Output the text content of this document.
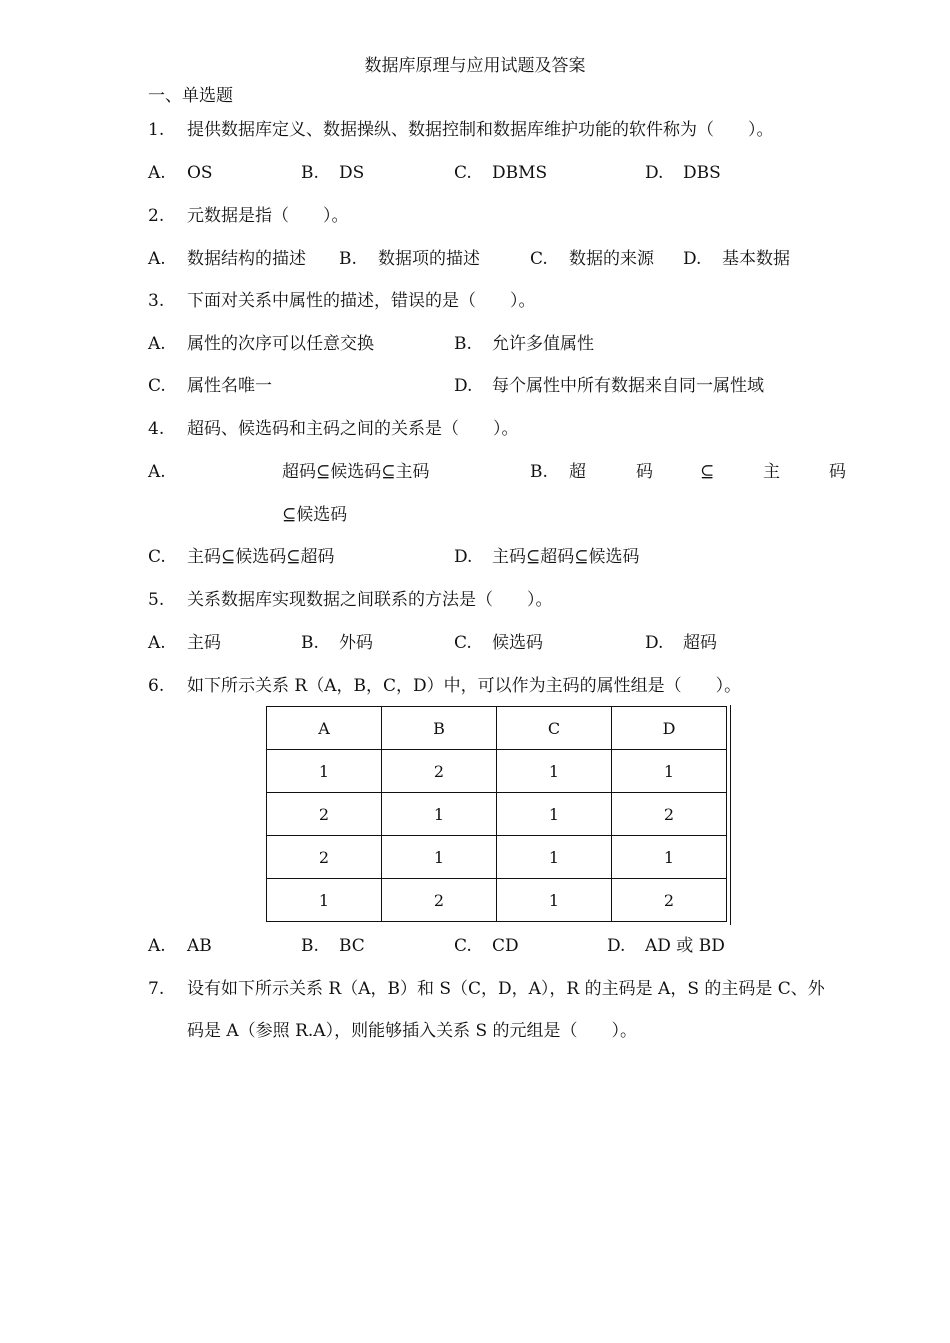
数据库原理与应用试题及答案
一、单选题
1. 提供数据库定义、数据操纵、数据控制和数据库维护功能的软件称为（　　）。
A. OS	B. DS	C. DBMS	D. DBS
2. 元数据是指（　　）。
A. 数据结构的描述 B. 数据项的描述	C. 数据的来源 D. 基本数据
3. 下面对关系中属性的描述，错误的是（　　）。
A. 属性的次序可以任意交换	B. 允许多值属性
C. 属性名唯一	D. 每个属性中所有数据来自同一属性域
4. 超码、候选码和主码之间的关系是（　　）。
A.	超码⊆候选码⊆主码	B. 超	码	⊆	主	码
⊆候选码
C. 主码⊆候选码⊆超码	D. 主码⊆超码⊆候选码
5. 关系数据库实现数据之间联系的方法是（　　）。
A. 主码	B. 外码	C. 候选码	D. 超码
6. 如下所示关系 R（A，B，C，D）中，可以作为主码的属性组是（　　）。
A	B	C	D
1	2	1	1
2	1	1	2
2	1	1	1
1	2	1	2
A. AB	B. BC	C. CD	D. AD 或 BD
7. 设有如下所示关系 R（A，B）和 S（C，D，A），R 的主码是 A，S 的主码是 C、外
码是 A（参照 R.A），则能够插入关系 S 的元组是（　　）。
